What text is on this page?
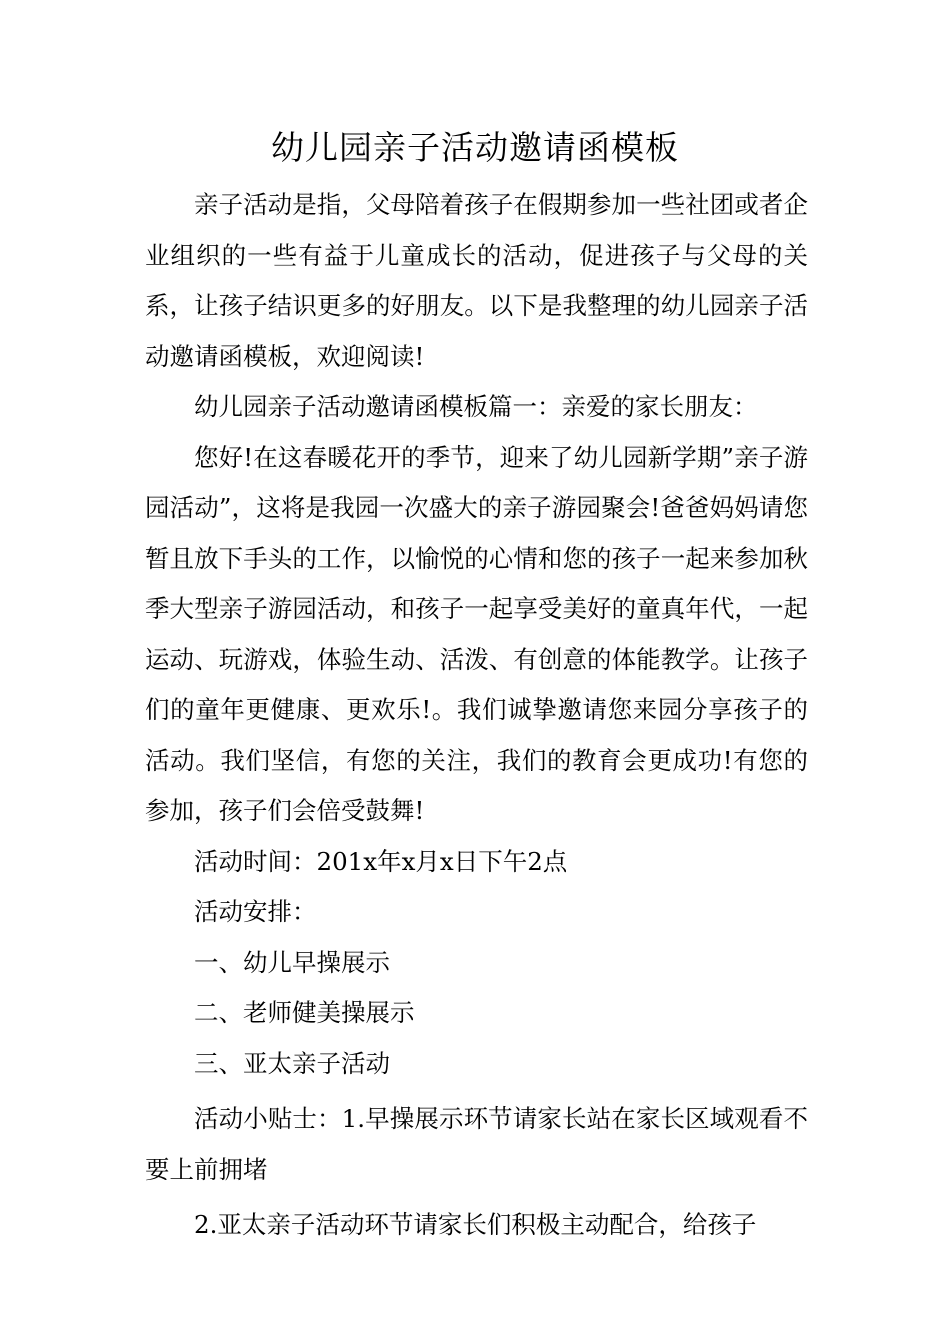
幼儿园亲子活动邀请函模板

亲子活动是指，父母陪着孩子在假期参加一些社团或者企业组织的一些有益于儿童成长的活动，促进孩子与父母的关系，让孩子结识更多的好朋友。以下是我整理的幼儿园亲子活动邀请函模板，欢迎阅读!

幼儿园亲子活动邀请函模板篇一：亲爱的家长朋友：

您好!在这春暖花开的季节，迎来了幼儿园新学期”亲子游园活动”，这将是我园一次盛大的亲子游园聚会!爸爸妈妈请您暂且放下手头的工作，以愉悦的心情和您的孩子一起来参加秋季大型亲子游园活动，和孩子一起享受美好的童真年代，一起运动、玩游戏，体验生动、活泼、有创意的体能教学。让孩子们的童年更健康、更欢乐!。我们诚挚邀请您来园分享孩子的活动。我们坚信，有您的关注，我们的教育会更成功!有您的参加，孩子们会倍受鼓舞!

活动时间：201x年x月x日下午2点

活动安排：

一、幼儿早操展示

二、老师健美操展示

三、亚太亲子活动

活动小贴士：1.早操展示环节请家长站在家长区域观看不要上前拥堵

2.亚太亲子活动环节请家长们积极主动配合，给孩子
